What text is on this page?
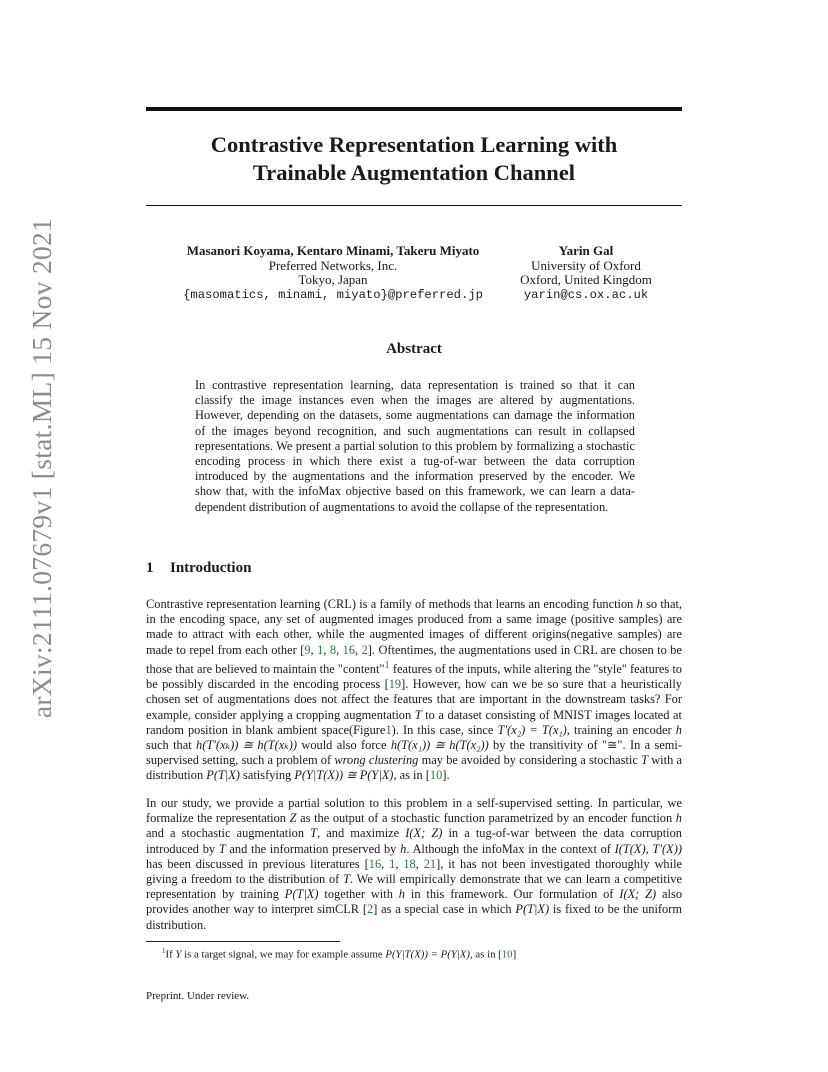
arXiv:2111.07679v1 [stat.ML] 15 Nov 2021
Contrastive Representation Learning with
Trainable Augmentation Channel
Masanori Koyama, Kentaro Minami, Takeru Miyato
Preferred Networks, Inc.
Tokyo, Japan
{masomatics, minami, miyato}@preferred.jp
Yarin Gal
University of Oxford
Oxford, United Kingdom
yarin@cs.ox.ac.uk
Abstract

In contrastive representation learning, data representation is trained so that it can classify the image instances even when the images are altered by augmentations. However, depending on the datasets, some augmentations can damage the information of the images beyond recognition, and such augmentations can result in collapsed representations. We present a partial solution to this problem by formalizing a stochastic encoding process in which there exist a tug-of-war between the data corruption introduced by the augmentations and the information preserved by the encoder. We show that, with the infoMax objective based on this framework, we can learn a data-dependent distribution of augmentations to avoid the collapse of the representation.

1 Introduction

Contrastive representation learning (CRL) is a family of methods that learns an encoding function h so that, in the encoding space, any set of augmented images produced from a same image (positive samples) are made to attract with each other, while the augmented images of different origins(negative samples) are made to repel from each other [9, 1, 8, 16, 2]. Oftentimes, the augmentations used in CRL are chosen to be those that are believed to maintain the "content"$^1$ features of the inputs, while altering the "style" features to be possibly discarded in the encoding process [19]. However, how can we be so sure that a heuristically chosen set of augmentations does not affect the features that are important in the downstream tasks? For example, consider applying a cropping augmentation T to a dataset consisting of MNIST images located at random position in blank ambient space(Figure1). In this case, since T′(x₂) = T(x₁), training an encoder h such that h(T′(xₖ)) ≅ h(T(xₖ)) would also force h(T(x₁)) ≅ h(T(x₂)) by the transitivity of "≅". In a semi-supervised setting, such a problem of wrong clustering may be avoided by considering a stochastic T with a distribution P(T|X) satisfying P(Y|T(X)) ≅ P(Y|X), as in [10].

In our study, we provide a partial solution to this problem in a self-supervised setting. In particular, we formalize the representation Z as the output of a stochastic function parametrized by an encoder function h and a stochastic augmentation T, and maximize I(X; Z) in a tug-of-war between the data corruption introduced by T and the information preserved by h. Although the infoMax in the context of I(T(X), T′(X)) has been discussed in previous literatures [16, 1, 18, 21], it has not been investigated thoroughly while giving a freedom to the distribution of T. We will empirically demonstrate that we can learn a competitive representation by training P(T|X) together with h in this framework. Our formulation of I(X; Z) also provides another way to interpret simCLR [2] as a special case in which P(T|X) is fixed to be the uniform distribution.

$^1$If Y is a target signal, we may for example assume P(Y|T(X)) = P(Y|X), as in [10]

Preprint. Under review.
